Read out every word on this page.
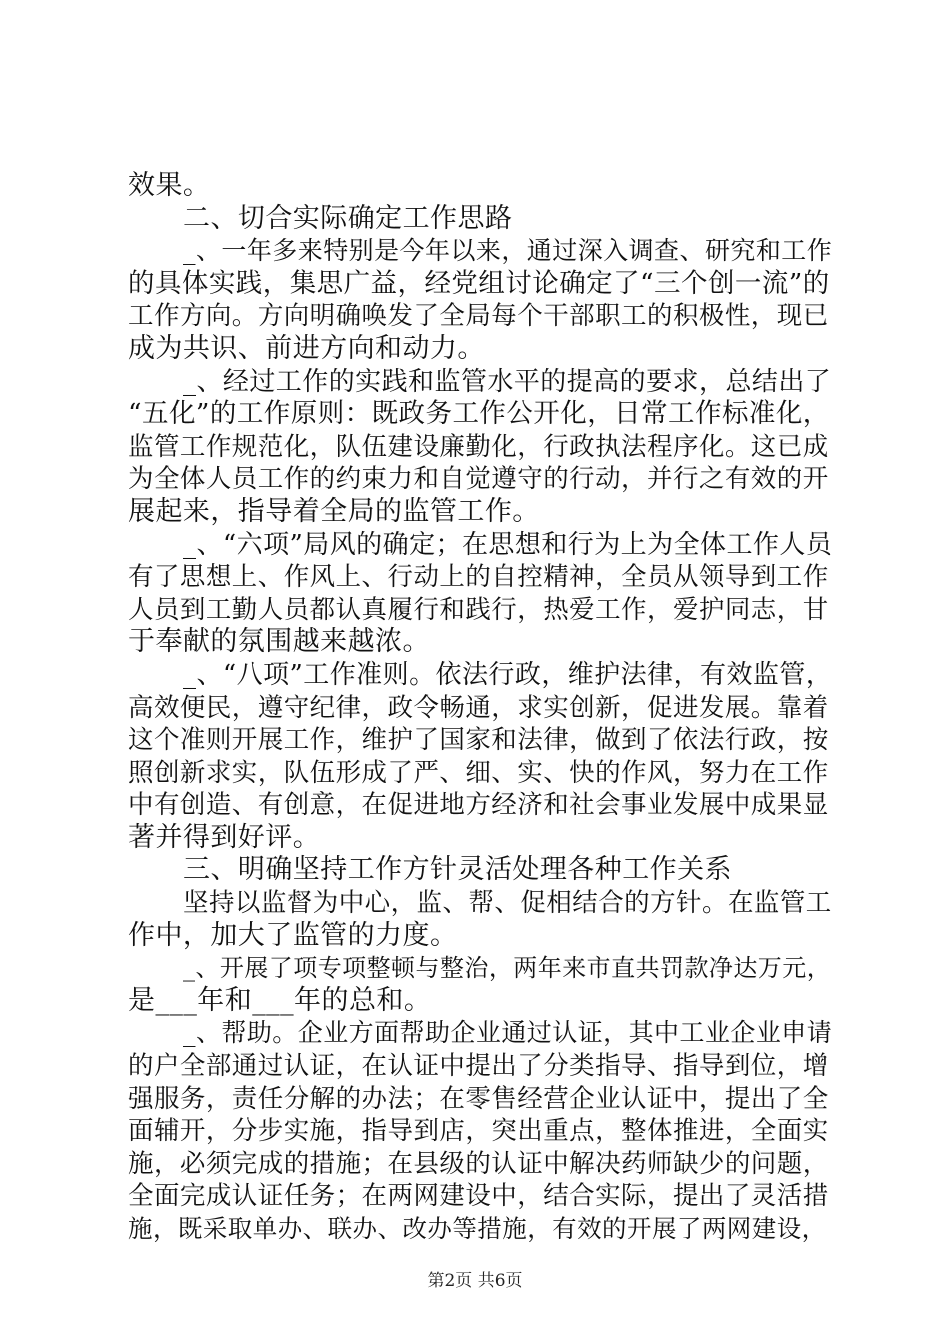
效果。
二、切合实际确定工作思路
_、一年多来特别是今年以来，通过深入调查、研究和工作
的具体实践，集思广益，经党组讨论确定了“三个创一流”的
工作方向。方向明确唤发了全局每个干部职工的积极性，现已
成为共识、前进方向和动力。
_、经过工作的实践和监管水平的提高的要求，总结出了
“五化”的工作原则：既政务工作公开化，日常工作标准化，
监管工作规范化，队伍建设廉勤化，行政执法程序化。这已成
为全体人员工作的约束力和自觉遵守的行动，并行之有效的开
展起来，指导着全局的监管工作。
_、“六项”局风的确定；在思想和行为上为全体工作人员
有了思想上、作风上、行动上的自控精神，全员从领导到工作
人员到工勤人员都认真履行和践行，热爱工作，爱护同志，甘
于奉献的氛围越来越浓。
_、“八项”工作准则。依法行政，维护法律，有效监管，
高效便民，遵守纪律，政令畅通，求实创新，促进发展。靠着
这个准则开展工作，维护了国家和法律，做到了依法行政，按
照创新求实，队伍形成了严、细、实、快的作风，努力在工作
中有创造、有创意，在促进地方经济和社会事业发展中成果显
著并得到好评。
三、明确坚持工作方针灵活处理各种工作关系
坚持以监督为中心，监、帮、促相结合的方针。在监管工
作中，加大了监管的力度。
_、开展了项专项整顿与整治，两年来市直共罚款净达万元，
是___年和___年的总和。
_、帮助。企业方面帮助企业通过认证，其中工业企业申请
的户全部通过认证，在认证中提出了分类指导、指导到位，增
强服务，责任分解的办法；在零售经营企业认证中，提出了全
面辅开，分步实施，指导到店，突出重点，整体推进，全面实
施，必须完成的措施；在县级的认证中解决药师缺少的问题，
全面完成认证任务；在两网建设中，结合实际，提出了灵活措
施，既采取单办、联办、改办等措施，有效的开展了两网建设，
第2页 共6页
